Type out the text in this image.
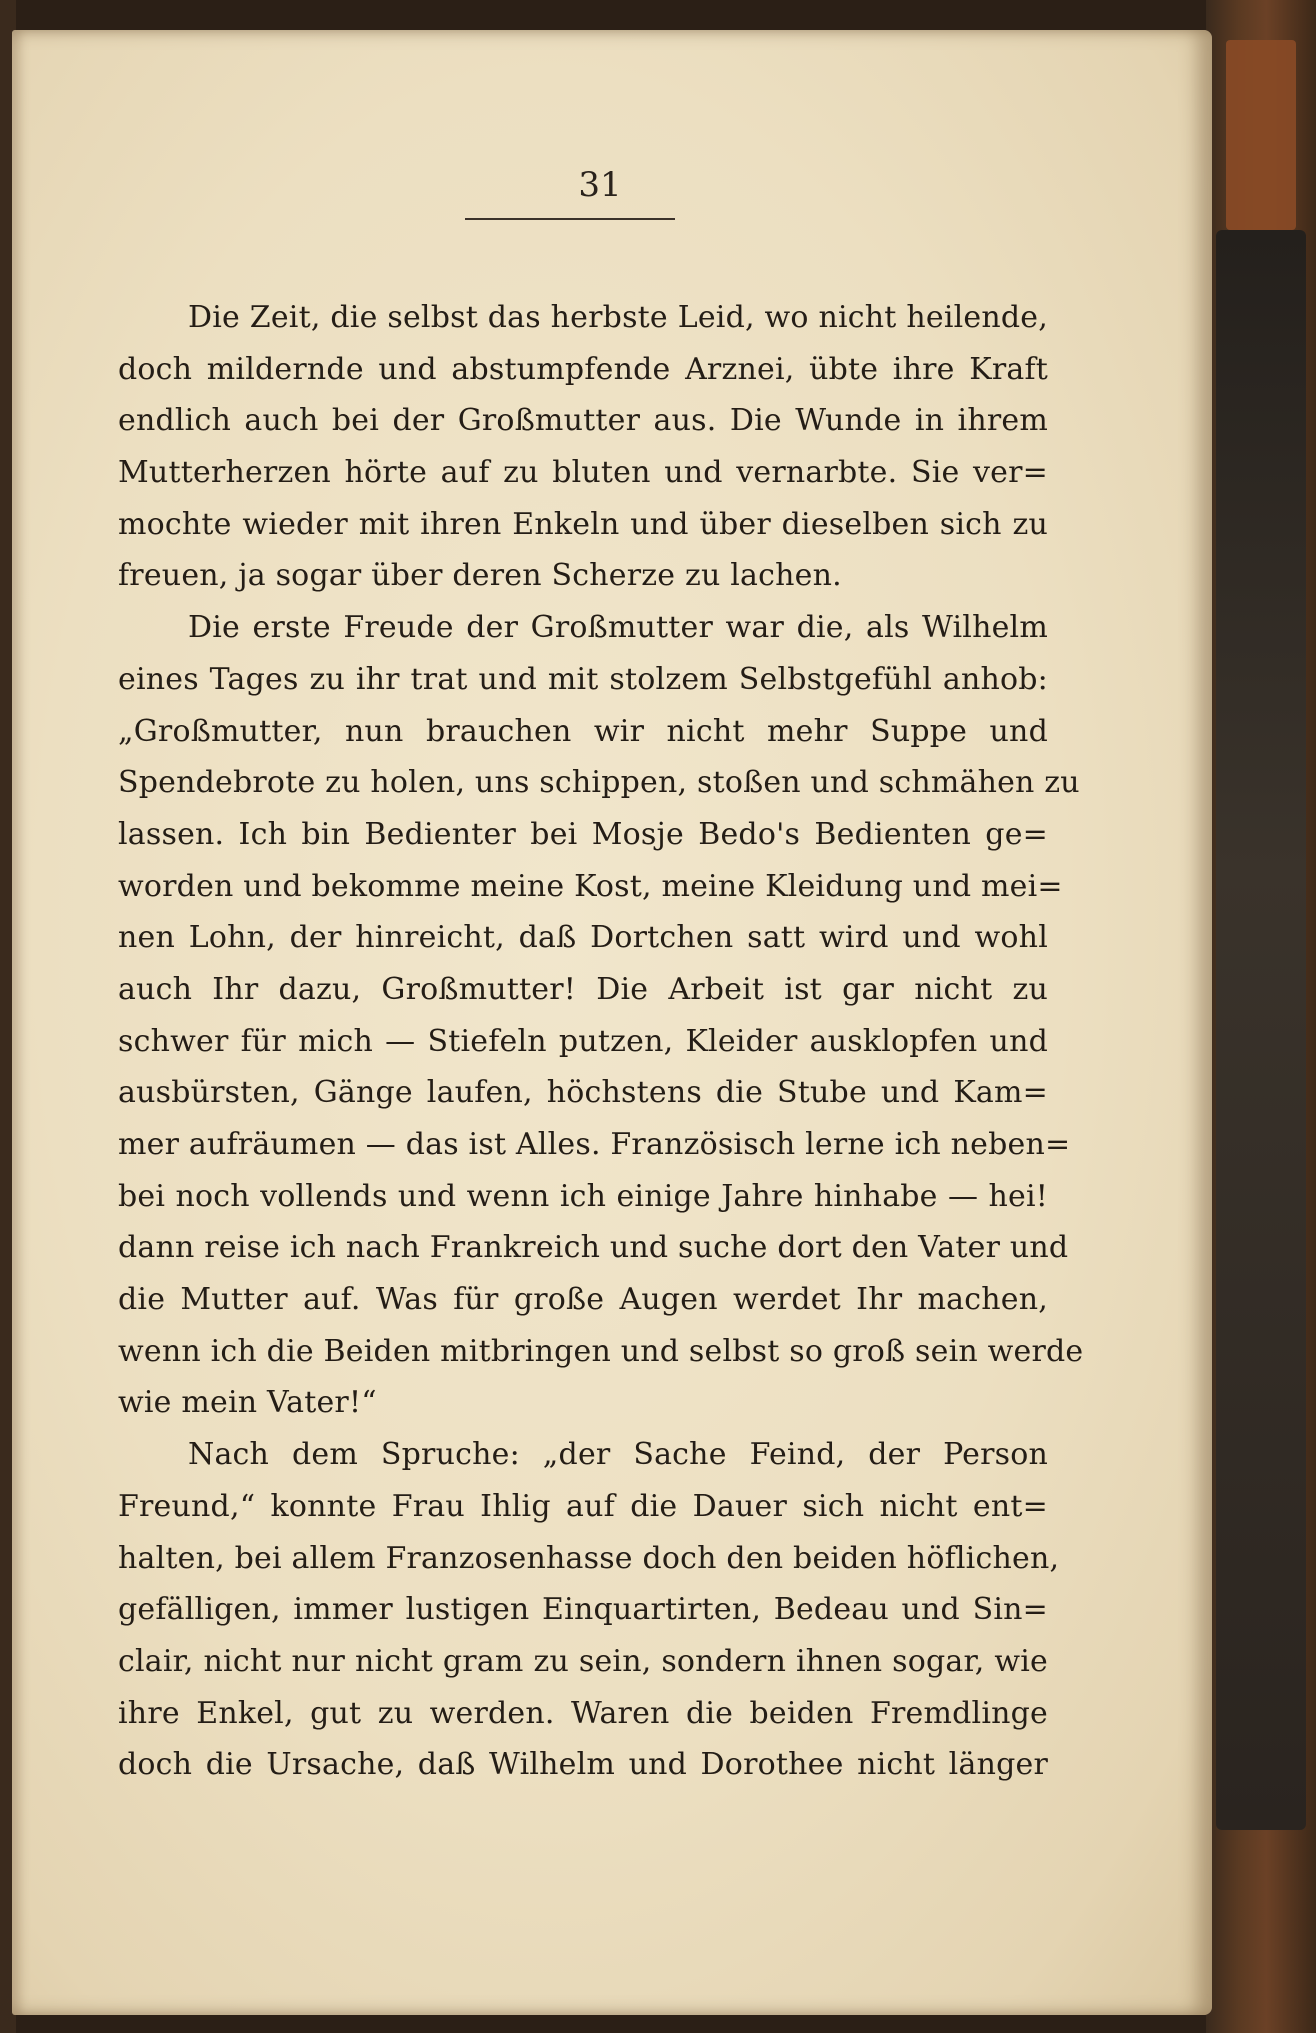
31
Die Zeit, die selbst das herbste Leid, wo nicht heilende,
doch mildernde und abstumpfende Arznei, übte ihre Kraft
endlich auch bei der Großmutter aus. Die Wunde in ihrem
Mutterherzen hörte auf zu bluten und vernarbte. Sie ver=
mochte wieder mit ihren Enkeln und über dieselben sich zu
freuen, ja sogar über deren Scherze zu lachen.
Die erste Freude der Großmutter war die, als Wilhelm
eines Tages zu ihr trat und mit stolzem Selbstgefühl anhob:
„Großmutter, nun brauchen wir nicht mehr Suppe und
Spendebrote zu holen, uns schippen, stoßen und schmähen zu
lassen. Ich bin Bedienter bei Mosje Bedo's Bedienten ge=
worden und bekomme meine Kost, meine Kleidung und mei=
nen Lohn, der hinreicht, daß Dortchen satt wird und wohl
auch Ihr dazu, Großmutter! Die Arbeit ist gar nicht zu
schwer für mich — Stiefeln putzen, Kleider ausklopfen und
ausbürsten, Gänge laufen, höchstens die Stube und Kam=
mer aufräumen — das ist Alles. Französisch lerne ich neben=
bei noch vollends und wenn ich einige Jahre hinhabe — hei!
dann reise ich nach Frankreich und suche dort den Vater und
die Mutter auf. Was für große Augen werdet Ihr machen,
wenn ich die Beiden mitbringen und selbst so groß sein werde
wie mein Vater!“
Nach dem Spruche: „der Sache Feind, der Person
Freund,“ konnte Frau Ihlig auf die Dauer sich nicht ent=
halten, bei allem Franzosenhasse doch den beiden höflichen,
gefälligen, immer lustigen Einquartirten, Bedeau und Sin=
clair, nicht nur nicht gram zu sein, sondern ihnen sogar, wie
ihre Enkel, gut zu werden. Waren die beiden Fremdlinge
doch die Ursache, daß Wilhelm und Dorothee nicht länger
